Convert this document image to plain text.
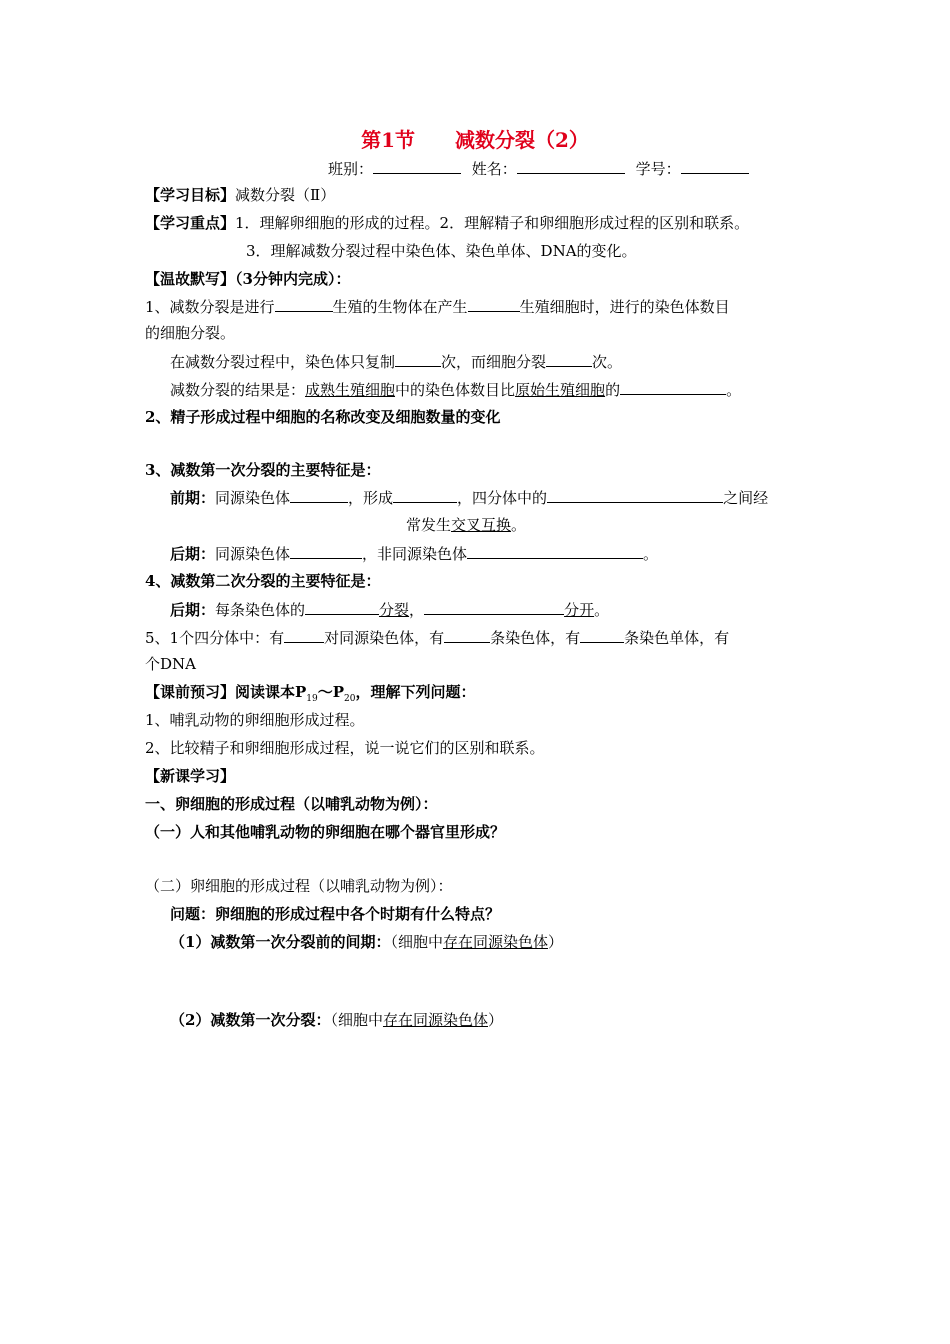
第1节　　减数分裂（2）
班别：	姓名：	学号：
【学习目标】减数分裂（Ⅱ）
【学习重点】1．理解卵细胞的形成的过程。2．理解精子和卵细胞形成过程的区别和联系。
3．理解减数分裂过程中染色体、染色单体、DNA的变化。
【温故默写】（3分钟内完成）：
1、减数分裂是进行	生殖的生物体在产生	生殖细胞时，进行的染色体数目
的细胞分裂。
在减数分裂过程中，染色体只复制	次，而细胞分裂	次。
减数分裂的结果是：成熟生殖细胞中的染色体数目比原始生殖细胞的	。
2、精子形成过程中细胞的名称改变及细胞数量的变化
3、减数第一次分裂的主要特征是：
前期：同源染色体	，形成	，四分体中的	之间经
常发生交叉互换。
后期：同源染色体	，非同源染色体	。
4、减数第二次分裂的主要特征是：
后期：每条染色体的	分裂，	分开。
5、1个四分体中：有	对同源染色体，有	条染色体，有	条染色单体，有
个DNA
【课前预习】阅读课本$P_{19}\sim P_{20}$，理解下列问题：
1、哺乳动物的卵细胞形成过程。
2、比较精子和卵细胞形成过程，说一说它们的区别和联系。
【新课学习】
一、卵细胞的形成过程（以哺乳动物为例）：
（一）人和其他哺乳动物的卵细胞在哪个器官里形成？
（二）卵细胞的形成过程（以哺乳动物为例）：
问题：卵细胞的形成过程中各个时期有什么特点？
（1）减数第一次分裂前的间期：（细胞中存在同源染色体）
（2）减数第一次分裂：（细胞中存在同源染色体）
